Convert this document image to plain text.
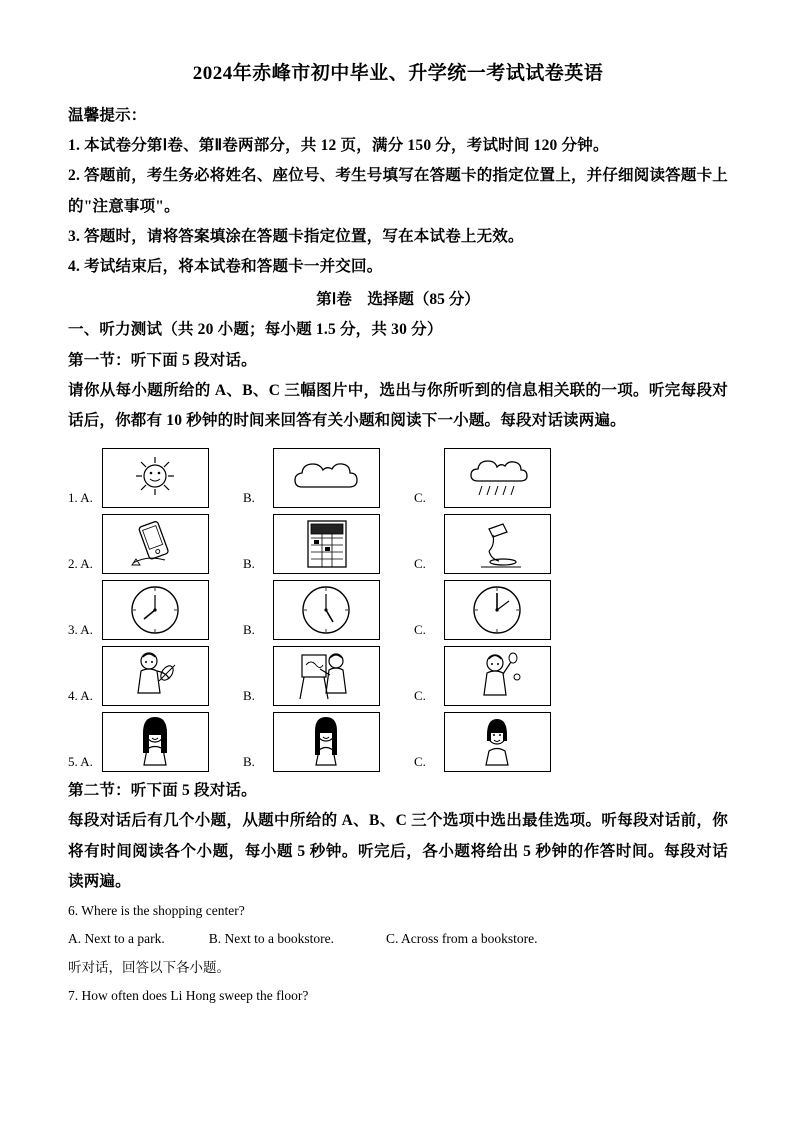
2024年赤峰市初中毕业、升学统一考试试卷英语

温馨提示：

1. 本试卷分第Ⅰ卷、第Ⅱ卷两部分，共 12 页，满分 150 分，考试时间 120 分钟。

2. 答题前，考生务必将姓名、座位号、考生号填写在答题卡的指定位置上，并仔细阅读答题卡上的"注意事项"。

3. 答题时，请将答案填涂在答题卡指定位置，写在本试卷上无效。

4. 考试结束后，将本试卷和答题卡一并交回。

第Ⅰ卷　选择题（85 分）

一、听力测试（共 20 小题；每小题 1.5 分，共 30 分）

第一节：听下面 5 段对话。

请你从每小题所给的 A、B、C 三幅图片中，选出与你所听到的信息相关联的一项。听完每段对话后，你都有 10 秒钟的时间来回答有关小题和阅读下一小题。每段对话读两遍。

1. A.	B.	C.
2. A.	B.	C.
3. A.	B.	C.
4. A.	B.	C.
5. A.	B.	C.

第二节：听下面 5 段对话。

每段对话后有几个小题，从题中所给的 A、B、C 三个选项中选出最佳选项。听每段对话前，你将有时间阅读各个小题，每小题 5 秒钟。听完后，各小题将给出 5 秒钟的作答时间。每段对话读两遍。

6. Where is the shopping center?

A. Next to a park.	B. Next to a bookstore.	C. Across from a bookstore.

听对话，回答以下各小题。

7. How often does Li Hong sweep the floor?
